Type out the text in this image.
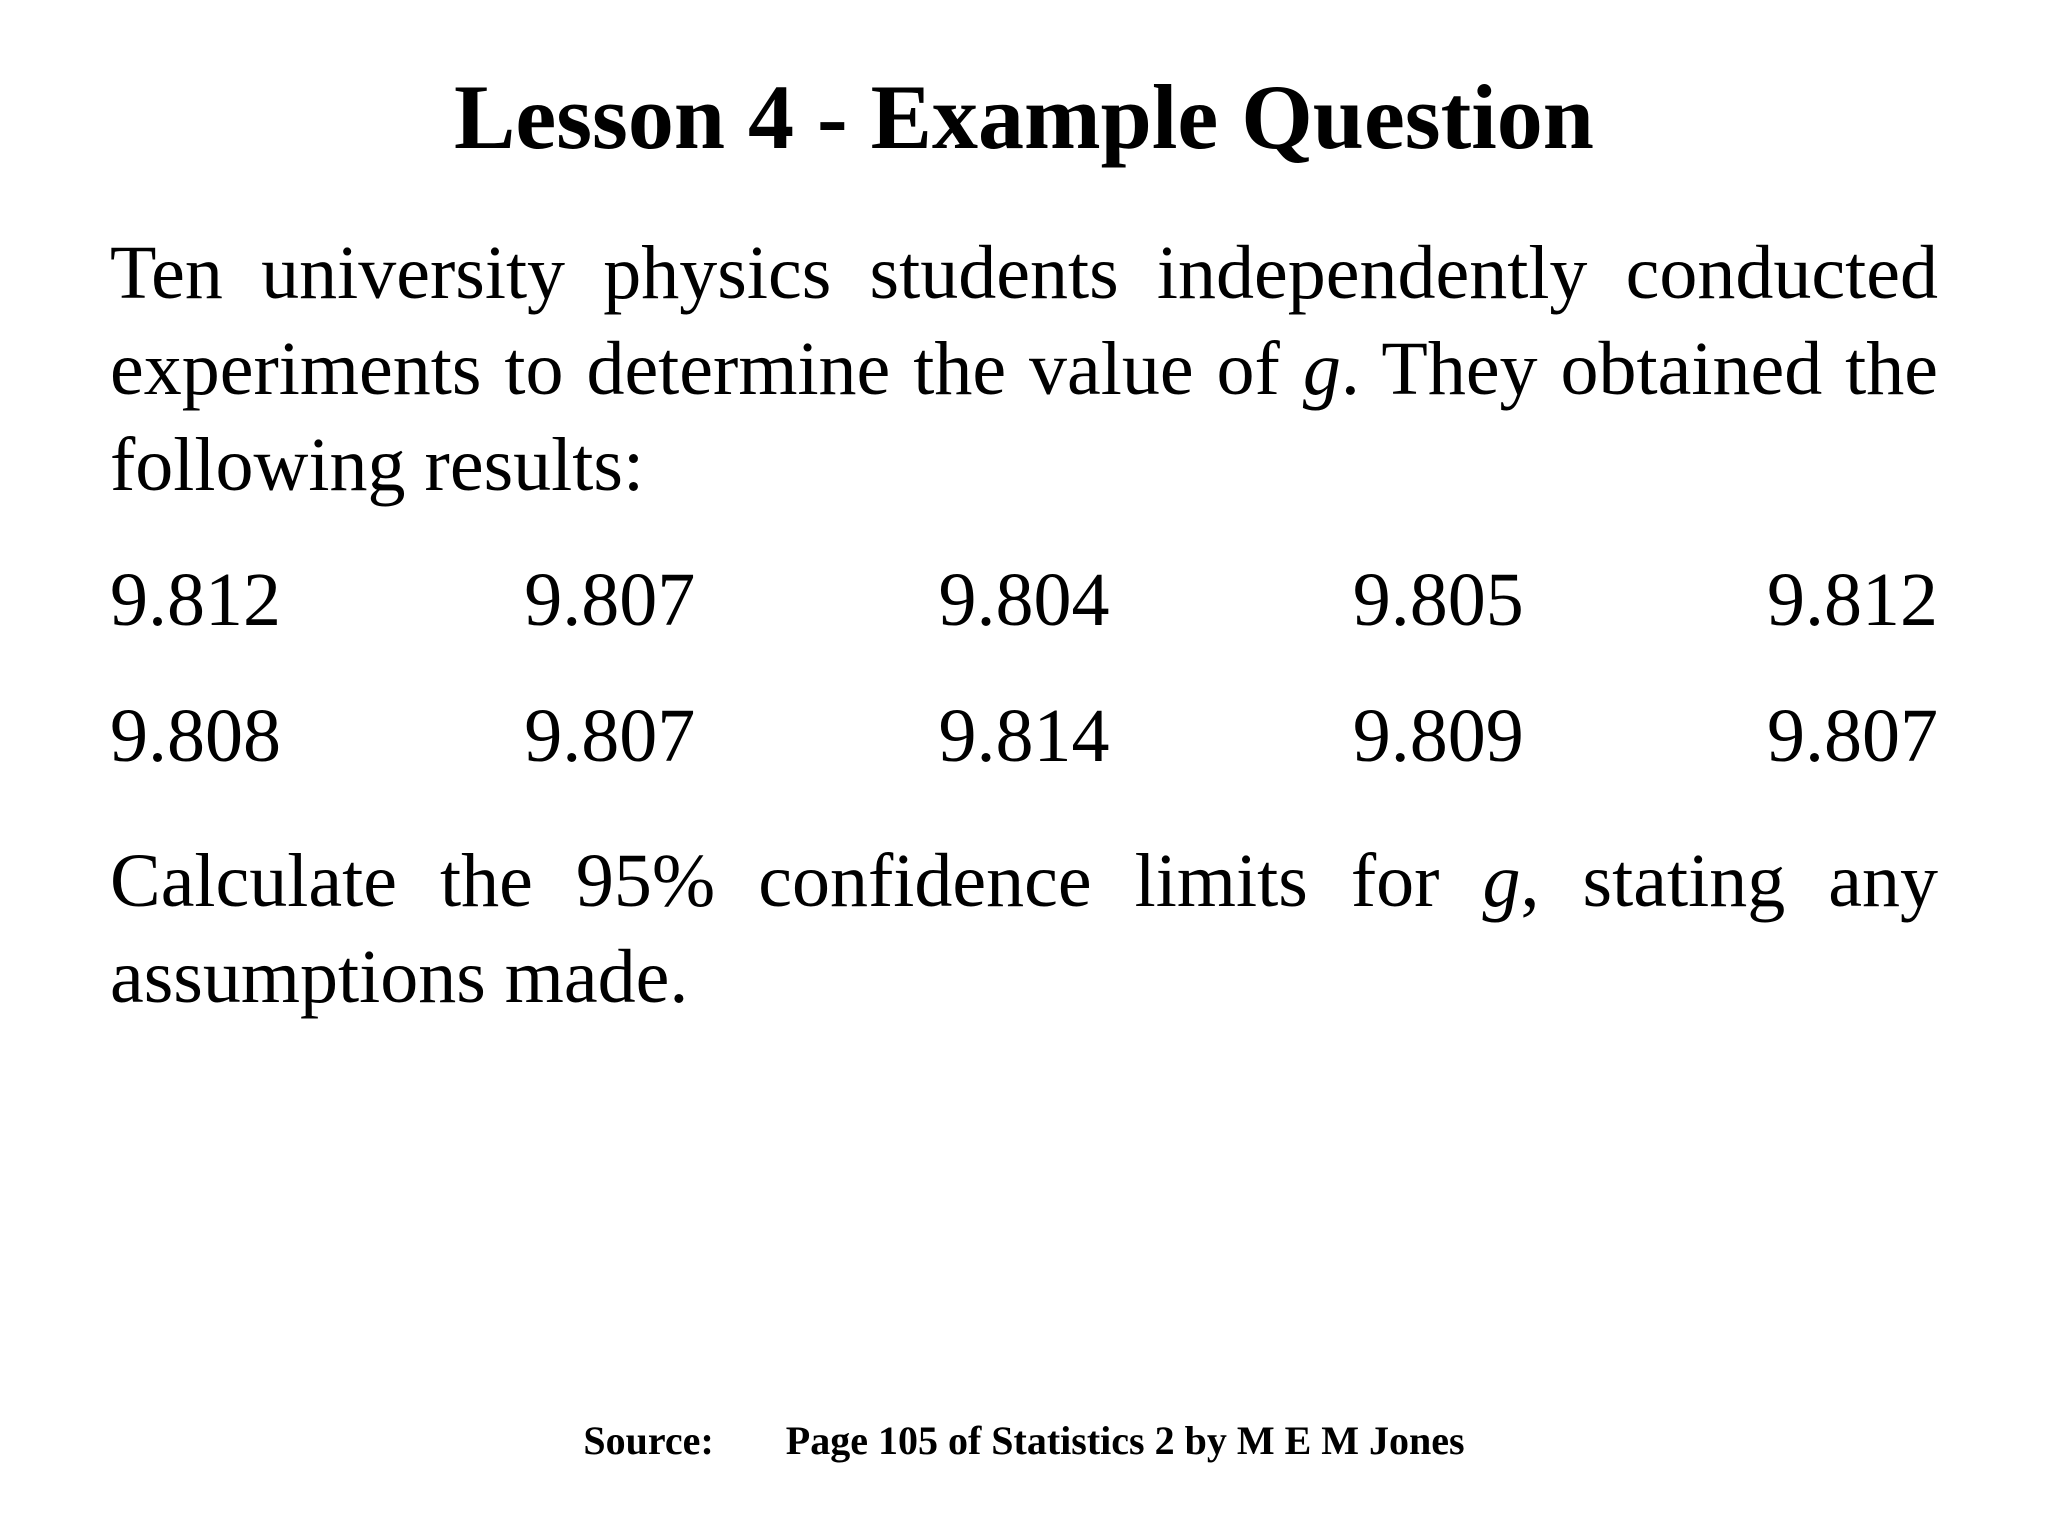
Lesson 4 - Example Question

Ten university physics students independently conducted experiments to determine the value of g. They obtained the following results:

9.812	9.807	9.804	9.805	9.812
9.808	9.807	9.814	9.809	9.807

Calculate the 95% confidence limits for g, stating any assumptions made.

Source: Page 105 of Statistics 2 by M E M Jones
